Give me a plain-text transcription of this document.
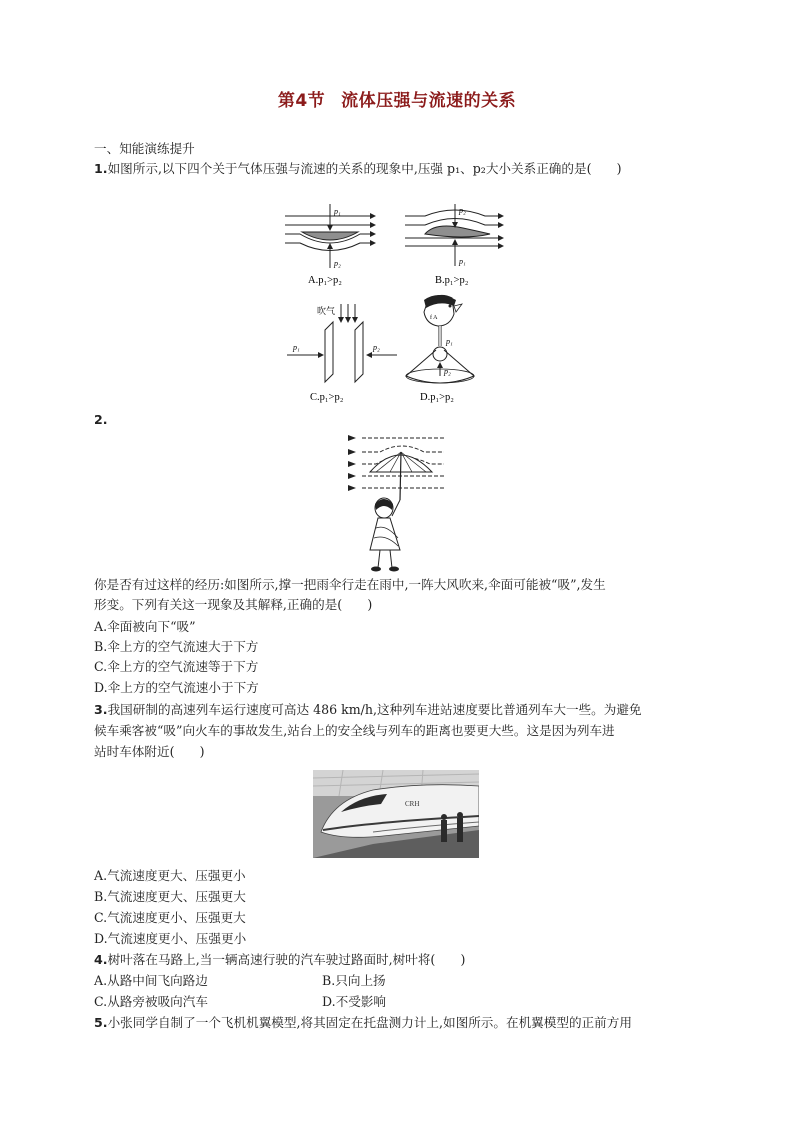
第4节 流体压强与流速的关系
一、知能演练提升
1.如图所示,以下四个关于气体压强与流速的关系的现象中,压强 p₁、p₂大小关系正确的是(　　)
p₁
p₂
A.p₁>p₂
p₂
p₁
B.p₁>p₂
吹气
p₁	p₂
C.p₁>p₂
f A
p₁
p₂
D.p₁>p₂
2.
你是否有过这样的经历:如图所示,撑一把雨伞行走在雨中,一阵大风吹来,伞面可能被“吸”,发生
形变。下列有关这一现象及其解释,正确的是(　　)
A.伞面被向下“吸”
B.伞上方的空气流速大于下方
C.伞上方的空气流速等于下方
D.伞上方的空气流速小于下方
3.我国研制的高速列车运行速度可高达 486 km/h,这种列车进站速度要比普通列车大一些。为避免
候车乘客被“吸”向火车的事故发生,站台上的安全线与列车的距离也要更大些。这是因为列车进
站时车体附近(　　)
CRH
A.气流速度更大、压强更小
B.气流速度更大、压强更大
C.气流速度更小、压强更大
D.气流速度更小、压强更小
4.树叶落在马路上,当一辆高速行驶的汽车驶过路面时,树叶将(　　)
A.从路中间飞向路边	B.只向上扬
C.从路旁被吸向汽车	D.不受影响
5.小张同学自制了一个飞机机翼模型,将其固定在托盘测力计上,如图所示。在机翼模型的正前方用
